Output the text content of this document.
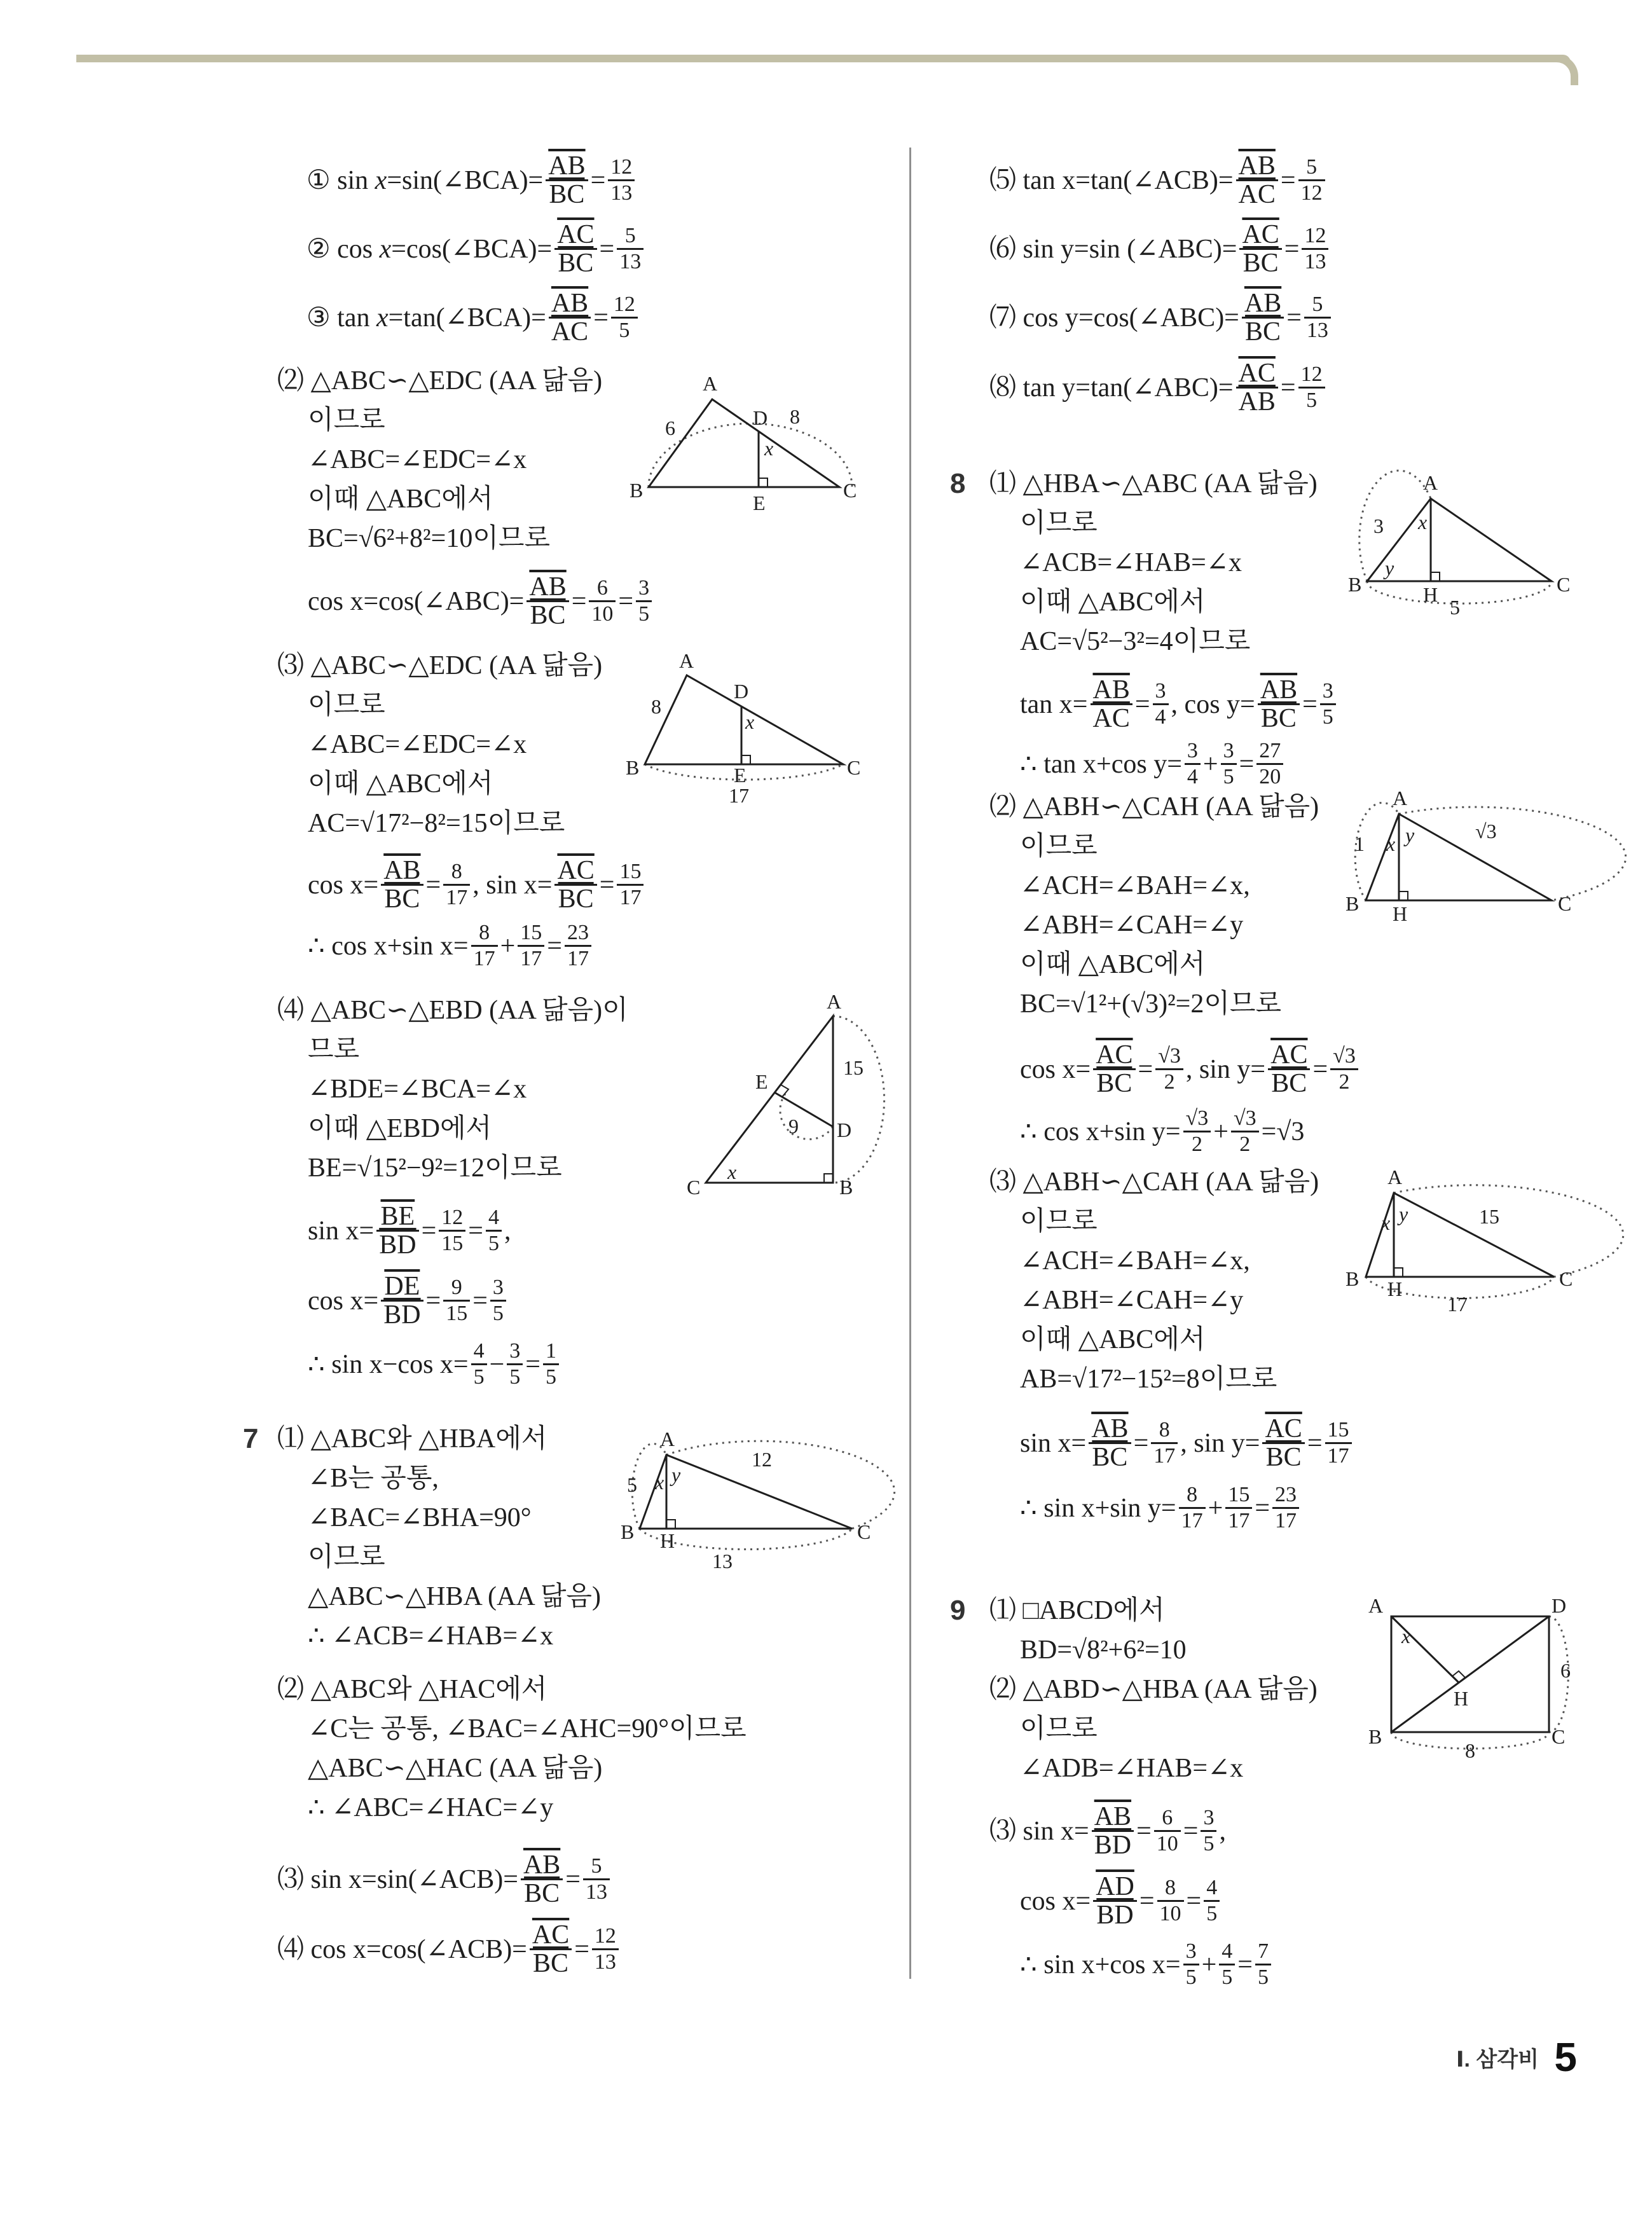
① sin x=sin(∠BCA)= $\frac{\overline{AB}}{BC} = \frac{12}{13}$
② cos x=cos(∠BCA)= $\frac{\overline{AC}}{BC} = \frac{5}{13}$
③ tan x=tan(∠BCA)= $\frac{\overline{AB}}{AC} = \frac{12}{5}$
⑵ △ABC∽△EDC (AA 닮음)
이므로
∠ABC=∠EDC=∠x
이때 △ABC에서
BC=√6²+8²=10이므로
cos x=cos(∠ABC)= $\frac{\overline{AB}}{BC} = \frac{6}{10} = \frac{3}{5}$
⑶ △ABC∽△EDC (AA 닮음)
이므로
∠ABC=∠EDC=∠x
이때 △ABC에서
AC=√17²−8²=15이므로
$\cos x= \frac{\overline{AB}}{BC} = \frac{8}{17}$ , $\sin x= \frac{\overline{AC}}{BC} = \frac{15}{17}$
∴ cos x+sin $x= \frac{8}{17} + \frac{15}{17} = \frac{23}{17}$
⑷ △ABC∽△EBD (AA 닮음)이
므로
∠BDE=∠BCA=∠x
이때 △EBD에서
BE=√15²−9²=12이므로
$\sin x= \frac{\overline{BE}}{BD} = \frac{12}{15} = \frac{4}{5}$ ,
$\cos x= \frac{\overline{DE}}{BD} = \frac{9}{15} = \frac{3}{5}$
∴ sin x−cos $x= \frac{4}{5} - \frac{3}{5} = \frac{1}{5}$
7 ⑴ △ABC와 △HBA에서
∠B는 공통,
∠BAC=∠BHA=90°
이므로
△ABC∽△HBA (AA 닮음)
∴ ∠ACB=∠HAB=∠x
⑵ △ABC와 △HAC에서
∠C는 공통, ∠BAC=∠AHC=90°이므로
△ABC∽△HAC (AA 닮음)
∴ ∠ABC=∠HAC=∠y
⑶ sin x=sin(∠ACB)= $\frac{\overline{AB}}{BC} = \frac{5}{13}$
⑷ cos x=cos(∠ACB)= $\frac{\overline{AC}}{BC} = \frac{12}{13}$
⑸ tan x=tan(∠ACB)= $\frac{\overline{AB}}{AC} = \frac{5}{12}$
⑹ sin y=sin (∠ABC)= $\frac{\overline{AC}}{BC} = \frac{12}{13}$
⑺ cos y=cos(∠ABC)= $\frac{\overline{AB}}{BC} = \frac{5}{13}$
⑻ tan y=tan(∠ABC)= $\frac{\overline{AC}}{AB} = \frac{12}{5}$
8 ⑴ △HBA∽△ABC (AA 닮음)
이므로
∠ACB=∠HAB=∠x
이때 △ABC에서
AC=√5²−3²=4이므로
$\tan x= \frac{\overline{AB}}{AC} = \frac{3}{4}$ , $\cos y= \frac{\overline{AB}}{BC} = \frac{3}{5}$
∴ tan x+cos $y= \frac{3}{4} + \frac{3}{5} = \frac{27}{20}$
⑵ △ABH∽△CAH (AA 닮음)
이므로
∠ACH=∠BAH=∠x,
∠ABH=∠CAH=∠y
이때 △ABC에서
BC=√1²+(√3)²=2이므로
$\cos x= \frac{\overline{AC}}{BC} = \frac{√3}{2}$ , $\sin y= \frac{\overline{AC}}{BC} = \frac{√3}{2}$
∴ cos x+sin $y= \frac{√3}{2} + \frac{√3}{2} =√3$
⑶ △ABH∽△CAH (AA 닮음)
이므로
∠ACH=∠BAH=∠x,
∠ABH=∠CAH=∠y
이때 △ABC에서
AB=√17²−15²=8이므로
$\sin x= \frac{\overline{AB}}{BC} = \frac{8}{17}$ , $\sin y= \frac{\overline{AC}}{BC} = \frac{15}{17}$
∴ sin x+sin $y= \frac{8}{17} + \frac{15}{17} = \frac{23}{17}$
9 ⑴ □ABCD에서
BD=√8²+6²=10
⑵ △ABD∽△HBA (AA 닮음)
이므로
∠ADB=∠HAB=∠x
⑶ $\sin x= \frac{\overline{AB}}{BD} = \frac{6}{10} = \frac{3}{5}$ ,
$\cos x= \frac{\overline{AD}}{BD} = \frac{8}{10} = \frac{4}{5}$
∴ sin x+cos $x= \frac{3}{5} + \frac{4}{5} = \frac{7}{5}$
A
B	C
D
E
6	8
x
A
B	C
D
E
8
17
x
A
C	B
D
E
15
9
x
A
B	C
H
5
12
13
x y
A
B	C
H
3
5
x
y
A
B	C
H
1
√3
x y
A
B	C
H
15
17
x y
A
B	C
D
H
6
8
x
Ⅰ. 삼각비 5
